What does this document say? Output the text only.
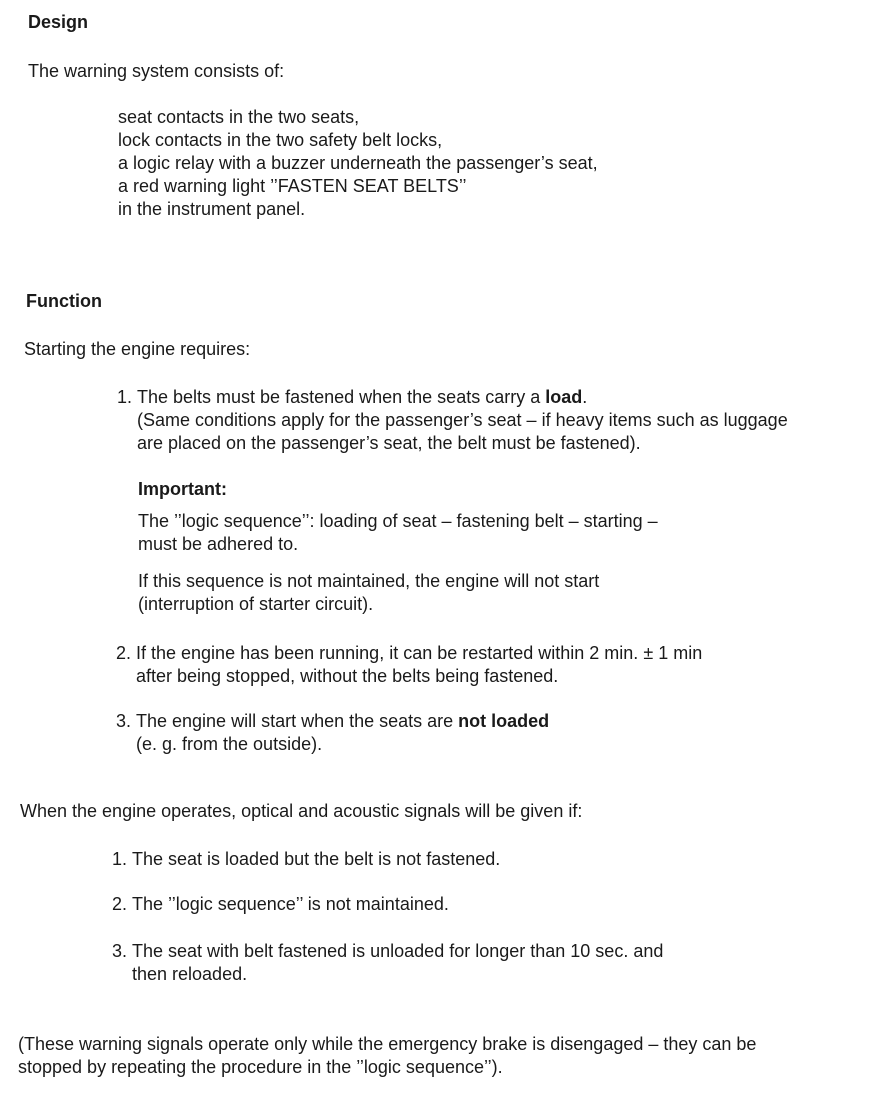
Design
The warning system consists of:
seat contacts in the two seats,
lock contacts in the two safety belt locks,
a logic relay with a buzzer underneath the passenger’s seat,
a red warning light ’’FASTEN SEAT BELTS’’
in the instrument panel.
Function
Starting the engine requires:
1. The belts must be fastened when the seats carry a load.
(Same conditions apply for the passenger’s seat – if heavy items such as luggage
are placed on the passenger’s seat, the belt must be fastened).
Important:
The ’’logic sequence’’: loading of seat – fastening belt – starting –
must be adhered to.
If this sequence is not maintained, the engine will not start
(interruption of starter circuit).
2. If the engine has been running, it can be restarted within 2 min. ± 1 min
after being stopped, without the belts being fastened.
3. The engine will start when the seats are not loaded
(e. g. from the outside).
When the engine operates, optical and acoustic signals will be given if:
1. The seat is loaded but the belt is not fastened.
2. The ’’logic sequence’’ is not maintained.
3. The seat with belt fastened is unloaded for longer than 10 sec. and
then reloaded.
(These warning signals operate only while the emergency brake is disengaged – they can be
stopped by repeating the procedure in the ’’logic sequence’’).
